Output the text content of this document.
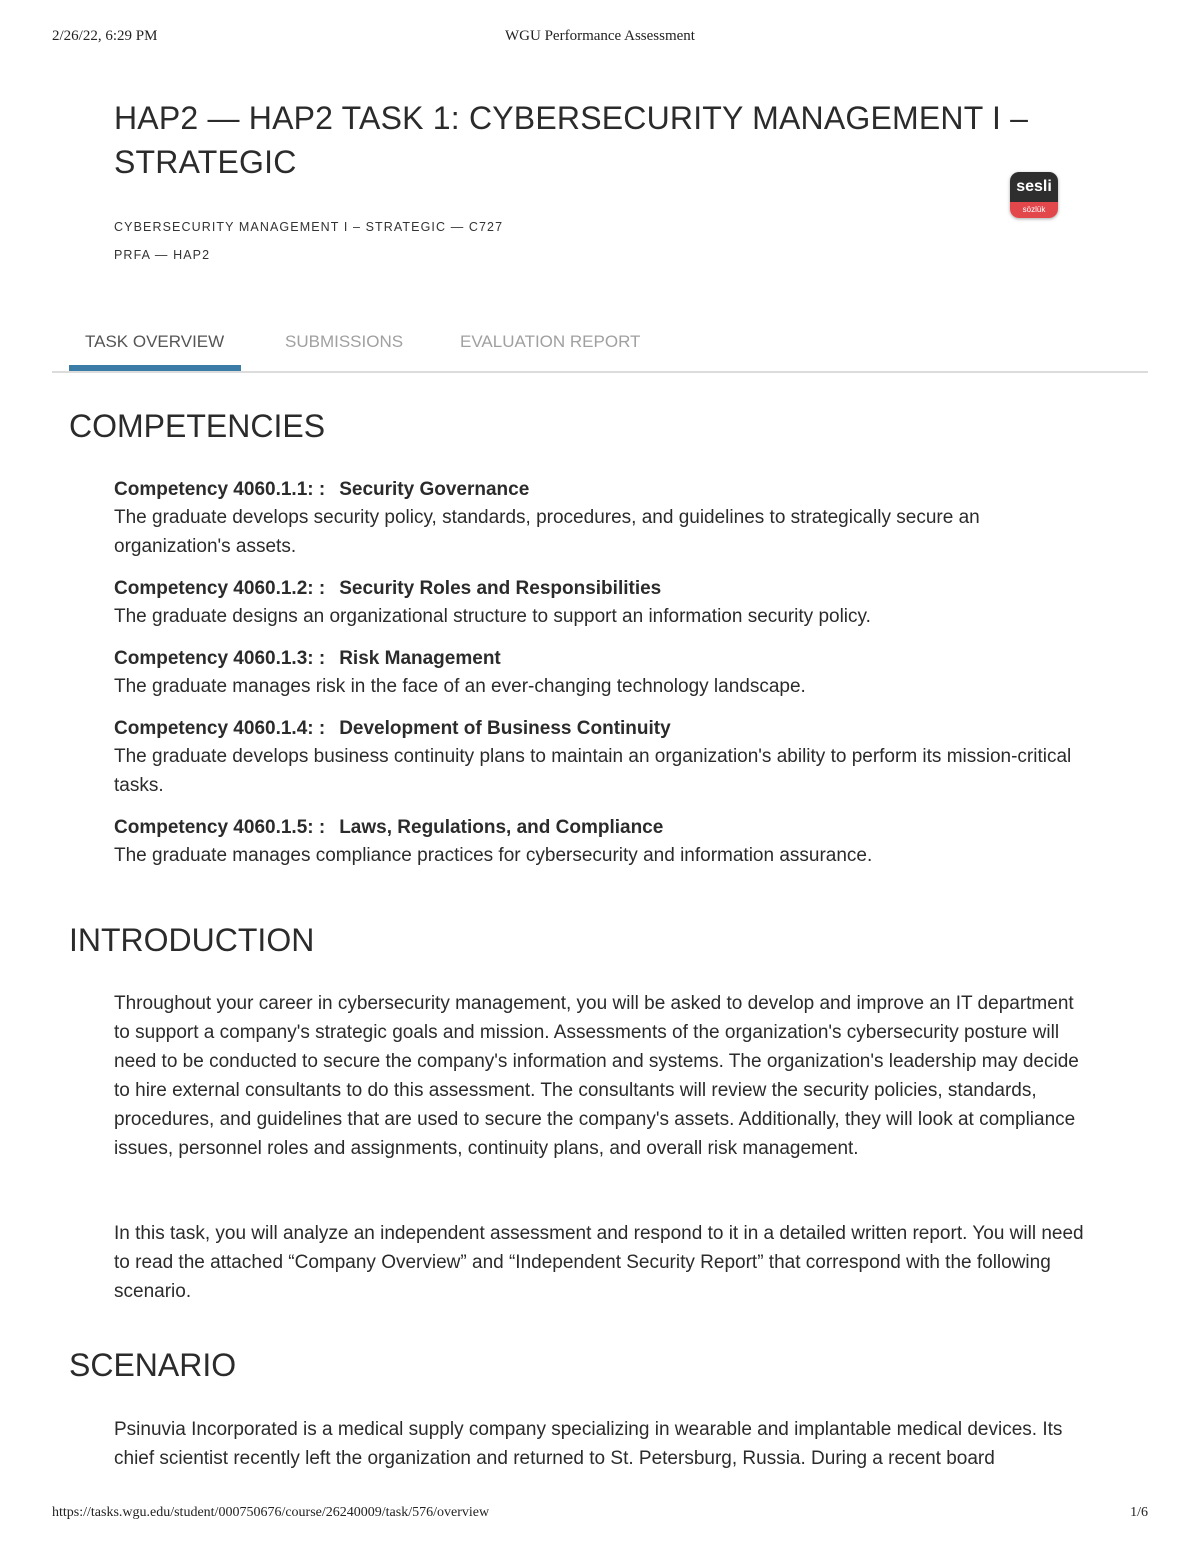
2/26/22, 6:29 PM	WGU Performance Assessment
HAP2 — HAP2 TASK 1: CYBERSECURITY MANAGEMENT I – STRATEGIC

CYBERSECURITY MANAGEMENT I – STRATEGIC — C727

PRFA — HAP2

sesli
sözlük
TASK OVERVIEW	SUBMISSIONS	EVALUATION REPORT
COMPETENCIES
Competency 4060.1.1: : Security Governance
The graduate develops security policy, standards, procedures, and guidelines to strategically secure an organization's assets.
Competency 4060.1.2: : Security Roles and Responsibilities
The graduate designs an organizational structure to support an information security policy.
Competency 4060.1.3: : Risk Management
The graduate manages risk in the face of an ever-changing technology landscape.
Competency 4060.1.4: : Development of Business Continuity
The graduate develops business continuity plans to maintain an organization's ability to perform its mission-critical tasks.
Competency 4060.1.5: : Laws, Regulations, and Compliance
The graduate manages compliance practices for cybersecurity and information assurance.
INTRODUCTION

Throughout your career in cybersecurity management, you will be asked to develop and improve an IT department to support a company's strategic goals and mission. Assessments of the organization's cybersecurity posture will need to be conducted to secure the company's information and systems. The organization's leadership may decide to hire external consultants to do this assessment. The consultants will review the security policies, standards, procedures, and guidelines that are used to secure the company's assets. Additionally, they will look at compliance issues, personnel roles and assignments, continuity plans, and overall risk management.

In this task, you will analyze an independent assessment and respond to it in a detailed written report. You will need to read the attached “Company Overview” and “Independent Security Report” that correspond with the following scenario.

SCENARIO

Psinuvia Incorporated is a medical supply company specializing in wearable and implantable medical devices. Its chief scientist recently left the organization and returned to St. Petersburg, Russia. During a recent board

https://tasks.wgu.edu/student/000750676/course/26240009/task/576/overview	1/6
